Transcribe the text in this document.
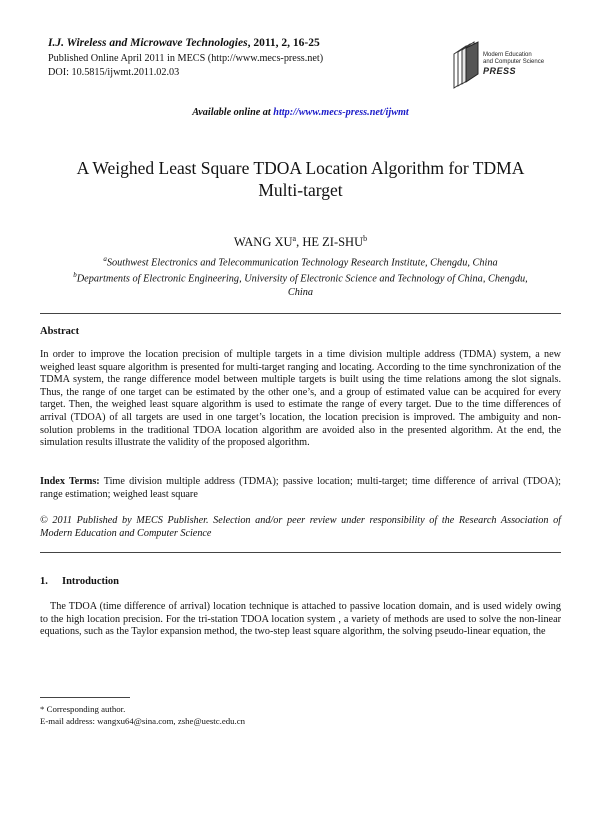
I.J. Wireless and Microwave Technologies, 2011, 2, 16-25
Published Online April 2011 in MECS (http://www.mecs-press.net)
DOI: 10.5815/ijwmt.2011.02.03
Modern Education
and Computer Science
PRESS
Available online at http://www.mecs-press.net/ijwmt
A Weighed Least Square TDOA Location Algorithm for TDMA
Multi-target
WANG $XU^a$, HE ZI-SHU$^b$
$^a$Southwest Electronics and Telecommunication Technology Research Institute, Chengdu, China
$^b$Departments of Electronic Engineering, University of Electronic Science and Technology of China, Chengdu,
China
Abstract
In order to improve the location precision of multiple targets in a time division multiple address (TDMA) system, a new weighed least square algorithm is presented for multi-target ranging and locating. According to the time synchronization of the TDMA system, the range difference model between multiple targets is built using the time relations among the slot signals. Thus, the range of one target can be estimated by the other one’s, and a group of estimated value can be acquired for every target. Then, the weighed least square algorithm is used to estimate the range of every target. Due to the time differences of arrival (TDOA) of all targets are used in one target’s location, the location precision is improved. The ambiguity and non-solution problems in the traditional TDOA location algorithm are avoided also in the presented algorithm. At the end, the simulation results illustrate the validity of the proposed algorithm.
Index Terms: Time division multiple address (TDMA); passive location; multi-target; time difference of arrival (TDOA); range estimation; weighed least square
© 2011 Published by MECS Publisher. Selection and/or peer review under responsibility of the Research Association of Modern Education and Computer Science
1. Introduction
The TDOA (time difference of arrival) location technique is attached to passive location domain, and is used widely owing to the high location precision. For the tri-station TDOA location system , a variety of methods are used to solve the non-linear equations, such as the Taylor expansion method, the two-step least square algorithm, the solving pseudo-linear equation, the
* Corresponding author.
E-mail address: wangxu64@sina.com, zshe@uestc.edu.cn
